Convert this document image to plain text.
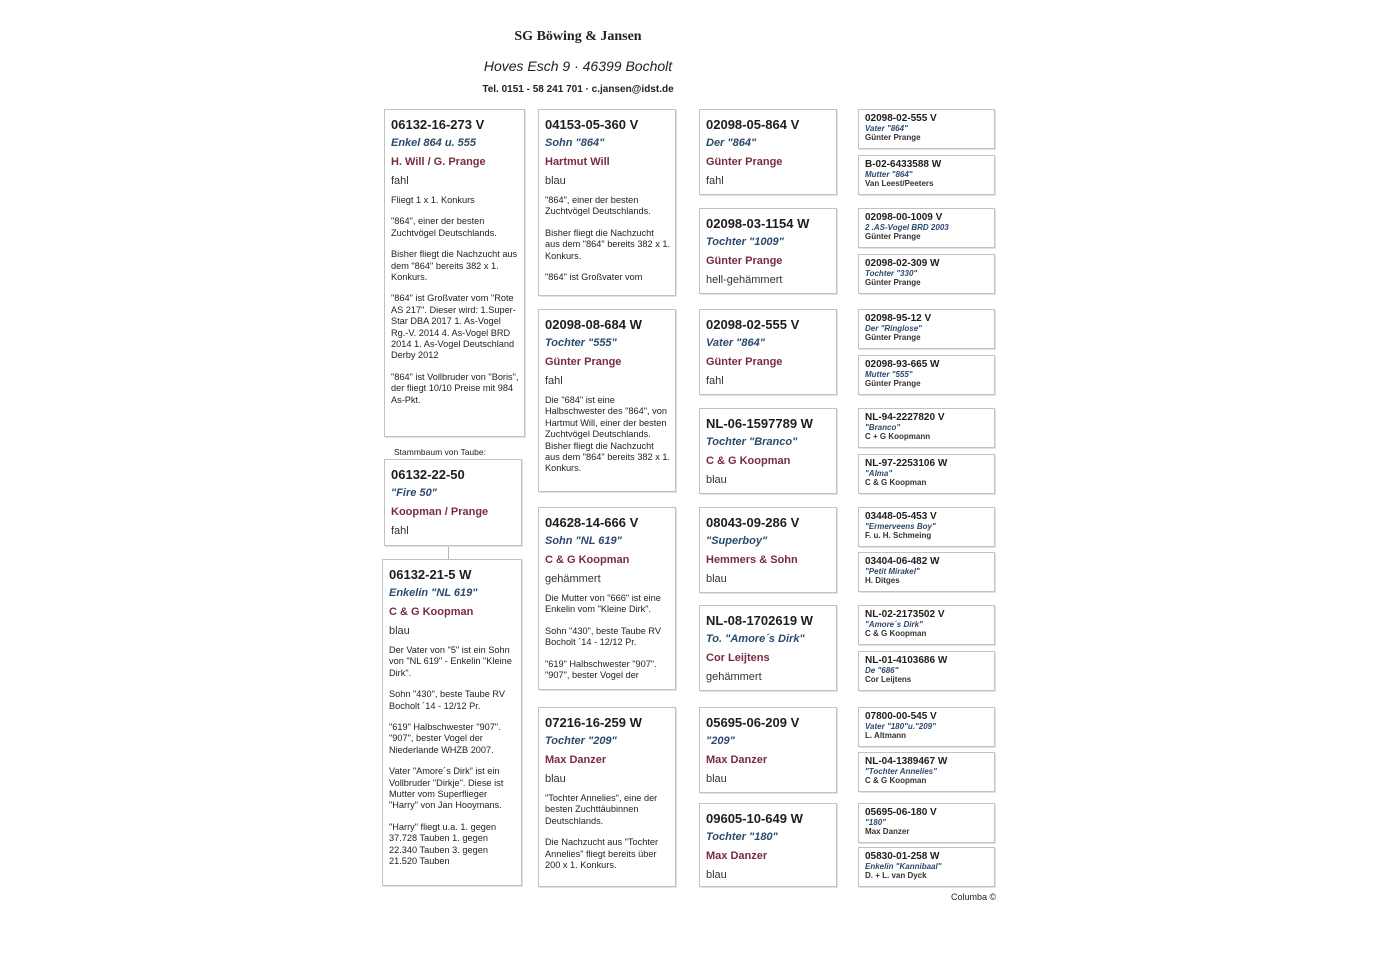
SG Böwing & Jansen
Hoves Esch 9 · 46399 Bocholt
Tel. 0151 - 58 241 701 · c.jansen@idst.de
06132-16-273 V
Enkel 864 u. 555
H. Will / G. Prange
fahl

Fliegt 1 x 1. Konkurs

"864", einer der besten Zuchtvögel Deutschlands.

Bisher fliegt die Nachzucht aus dem "864" bereits 382 x 1. Konkurs.

"864" ist Großvater vom "Rote AS 217". Dieser wird: 1.Super-Star DBA 2017 1. As-Vogel Rg.-V. 2014 4. As-Vogel BRD 2014 1. As-Vogel Deutschland Derby 2012

"864" ist Vollbruder von "Boris", der fliegt 10/10 Preise mit 984 As-Pkt.

Stammbaum von Taube:
06132-22-50
"Fire 50"
Koopman / Prange
fahl
06132-21-5 W
Enkelin "NL 619"
C & G Koopman
blau

Der Vater von "5" ist ein Sohn von "NL 619" - Enkelin "Kleine Dirk".

Sohn "430", beste Taube RV Bocholt ´14 - 12/12 Pr.

"619" Halbschwester "907". "907", bester Vogel der Niederlande WHZB 2007.

Vater "Amore´s Dirk" ist ein Vollbruder "Dirkje". Diese ist Mutter vom Superflieger "Harry" von Jan Hooymans.

"Harry" fliegt u.a. 1. gegen 37.728 Tauben 1. gegen 22.340 Tauben 3. gegen 21.520 Tauben

04153-05-360 V
Sohn "864"
Hartmut Will
blau

"864", einer der besten Zuchtvögel Deutschlands.

Bisher fliegt die Nachzucht aus dem "864" bereits 382 x 1. Konkurs.

"864" ist Großvater vom

02098-08-684 W
Tochter "555"
Günter Prange
fahl

Die "684" ist eine Halbschwester des "864", von Hartmut Will, einer der besten Zuchtvögel Deutschlands. Bisher fliegt die Nachzucht aus dem "864" bereits 382 x 1. Konkurs.

04628-14-666 V
Sohn "NL 619"
C & G Koopman
gehämmert

Die Mutter von "666" ist eine Enkelin vom "Kleine Dirk".

Sohn "430", beste Taube RV Bocholt ´14 - 12/12 Pr.

"619" Halbschwester "907". "907", bester Vogel der

07216-16-259 W
Tochter "209"
Max Danzer
blau

"Tochter Annelies", eine der besten Zuchttäubinnen Deutschlands.

Die Nachzucht aus "Tochter Annelies" fliegt bereits über 200 x 1. Konkurs.

02098-05-864 V
Der "864"
Günter Prange
fahl
02098-03-1154 W
Tochter "1009"
Günter Prange
hell-gehämmert
02098-02-555 V
Vater "864"
Günter Prange
fahl
NL-06-1597789 W
Tochter "Branco"
C & G Koopman
blau
08043-09-286 V
"Superboy"
Hemmers & Sohn
blau
NL-08-1702619 W
To. "Amore´s Dirk"
Cor Leijtens
gehämmert
05695-06-209 V
"209"
Max Danzer
blau
09605-10-649 W
Tochter "180"
Max Danzer
blau
02098-02-555 V
Vater "864"
Günter Prange
B-02-6433588 W
Mutter "864"
Van Leest/Peeters
02098-00-1009 V
2 .AS-Vogel BRD 2003
Günter Prange
02098-02-309 W
Tochter "330"
Günter Prange
02098-95-12 V
Der "Ringlose"
Günter Prange
02098-93-665 W
Mutter "555"
Günter Prange
NL-94-2227820 V
"Branco"
C + G Koopmann
NL-97-2253106 W
"Alma"
C & G Koopman
03448-05-453 V
"Ermerveens Boy"
F. u. H. Schmeing
03404-06-482 W
"Petit Mirakel"
H. Ditges
NL-02-2173502 V
"Amore´s Dirk"
C & G Koopman
NL-01-4103686 W
De "686"
Cor Leijtens
07800-00-545 V
Vater "180"u."209"
L. Altmann
NL-04-1389467 W
"Tochter Annelies"
C & G Koopman
05695-06-180 V
"180"
Max Danzer
05830-01-258 W
Enkelin "Kannibaal"
D. + L. van Dyck
Columba ©
